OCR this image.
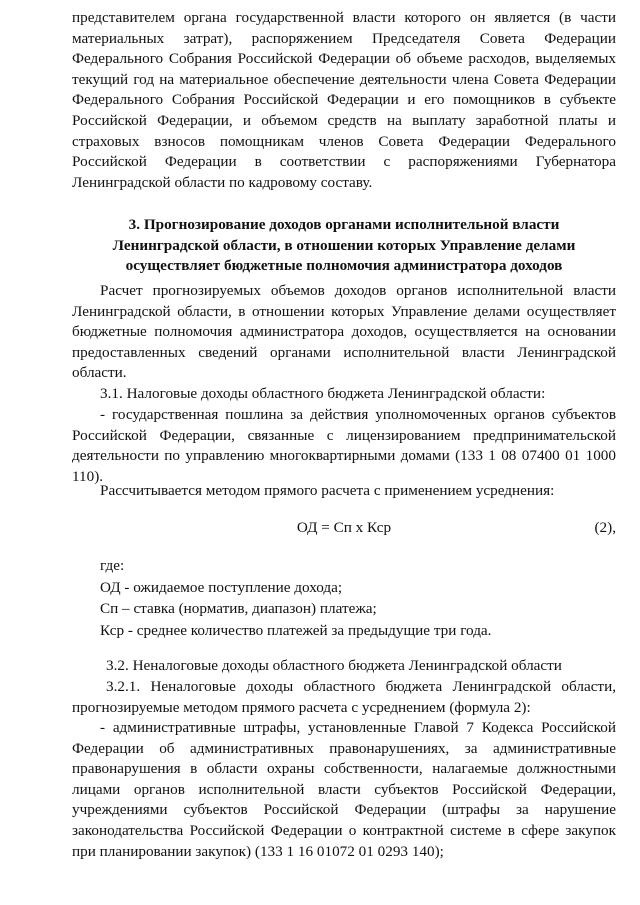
представителем органа государственной власти которого он является (в части
материальных затрат), распоряжением Председателя Совета Федерации
Федерального Собрания Российской Федерации об объеме расходов, выделяемых
текущий год на материальное обеспечение деятельности члена Совета Федерации
Федерального Собрания Российской Федерации и его помощников в субъекте
Российской Федерации, и объемом средств на выплату заработной платы и
страховых взносов помощникам членов Совета Федерации Федерального
Российской Федерации в соответствии с распоряжениями Губернатора
Ленинградской области по кадровому составу.
3. Прогнозирование доходов органами исполнительной власти
Ленинградской области, в отношении которых Управление делами
осуществляет бюджетные полномочия администратора доходов
Расчет прогнозируемых объемов доходов органов исполнительной власти
Ленинградской области, в отношении которых Управление делами осуществляет
бюджетные полномочия администратора доходов, осуществляется на основании
предоставленных сведений органами исполнительной власти Ленинградской
области.
3.1. Налоговые доходы областного бюджета Ленинградской области:
- государственная пошлина за действия уполномоченных органов субъектов
Российской Федерации, связанные с лицензированием предпринимательской
деятельности по управлению многоквартирными домами (133 1 08 07400 01 1000
110).
Рассчитывается методом прямого расчета с применением усреднения:
ОД = Сп х Кср	(2),
где:
ОД - ожидаемое поступление дохода;
Сп – ставка (норматив, диапазон) платежа;
Кср - среднее количество платежей за предыдущие три года.
3.2. Неналоговые доходы областного бюджета Ленинградской области
3.2.1. Неналоговые доходы областного бюджета Ленинградской области,
прогнозируемые методом прямого расчета с усреднением (формула 2):
- административные штрафы, установленные Главой 7 Кодекса Российской
Федерации об административных правонарушениях, за административные
правонарушения в области охраны собственности, налагаемые должностными
лицами органов исполнительной власти субъектов Российской Федерации,
учреждениями субъектов Российской Федерации (штрафы за нарушение
законодательства Российской Федерации о контрактной системе в сфере закупок
при планировании закупок) (133 1 16 01072 01 0293 140);
